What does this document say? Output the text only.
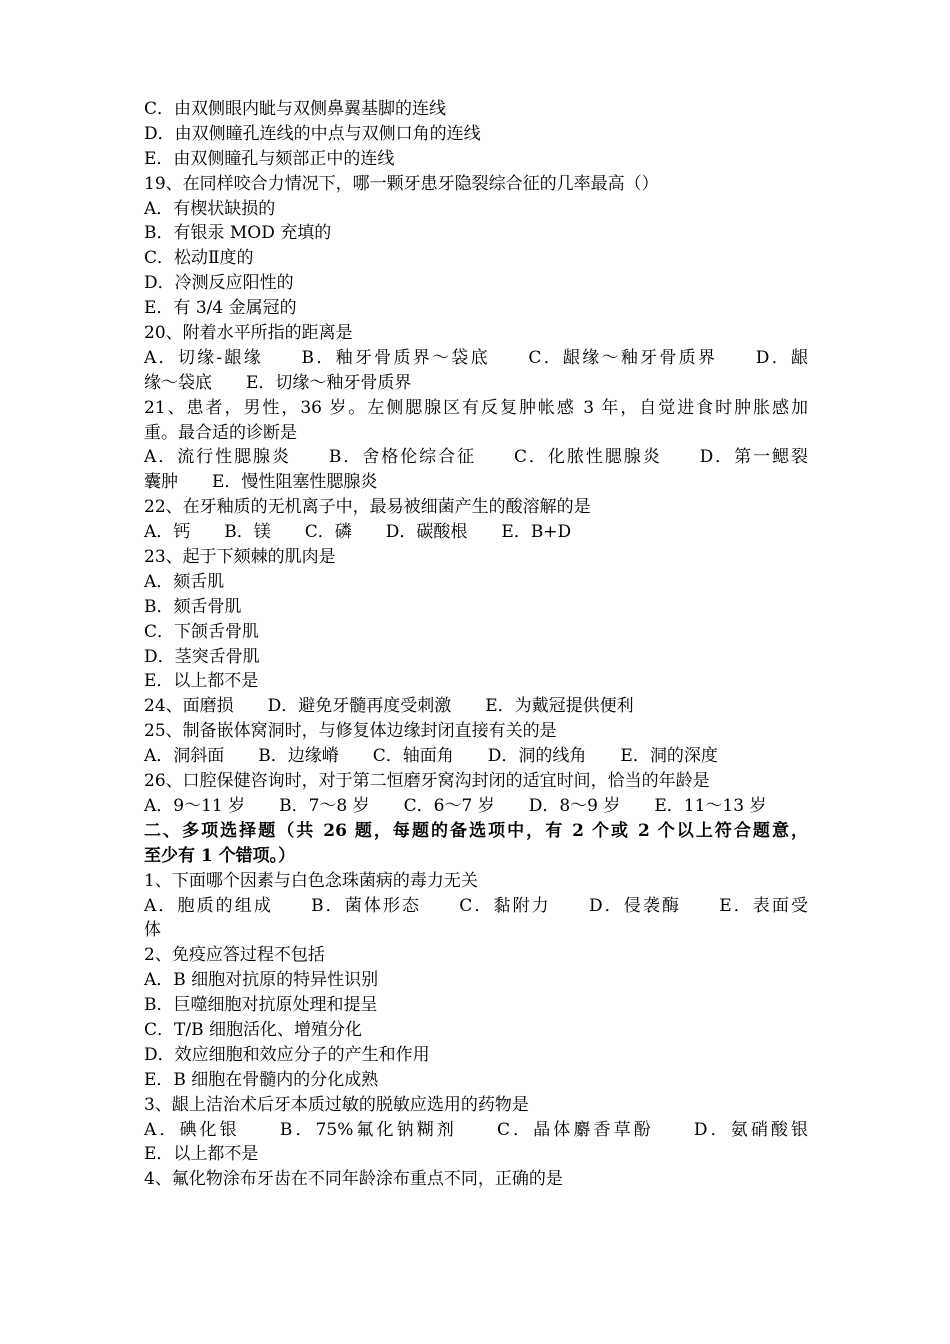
C．由双侧眼内眦与双侧鼻翼基脚的连线
D．由双侧瞳孔连线的中点与双侧口角的连线
E．由双侧瞳孔与颏部正中的连线
19、在同样咬合力情况下，哪一颗牙患牙隐裂综合征的几率最高（）
A．有楔状缺损的
B．有银汞 MOD 充填的
C．松动Ⅱ度的
D．冷测反应阳性的
E．有 3/4 金属冠的
20、附着水平所指的距离是
A．切缘-龈缘　　B．釉牙骨质界～袋底　　C．龈缘～釉牙骨质界　　D．龈
缘～袋底　　E．切缘～釉牙骨质界
21、患者，男性，36 岁。左侧腮腺区有反复肿帐感 3 年，自觉进食时肿胀感加
重。最合适的诊断是
A．流行性腮腺炎　　B．舍格伦综合征　　C．化脓性腮腺炎　　D．第一鳃裂
囊肿　　E．慢性阻塞性腮腺炎
22、在牙釉质的无机离子中，最易被细菌产生的酸溶解的是
A．钙　　B．镁　　C．磷　　D．碳酸根　　E．B+D
23、起于下颏棘的肌肉是
A．颏舌肌
B．颏舌骨肌
C．下颌舌骨肌
D．茎突舌骨肌
E．以上都不是
24、面磨损　　D．避免牙髓再度受刺激　　E．为戴冠提供便利
25、制备嵌体窝洞时，与修复体边缘封闭直接有关的是
A．洞斜面　　B．边缘嵴　　C．轴面角　　D．洞的线角　　E．洞的深度
26、口腔保健咨询时，对于第二恒磨牙窝沟封闭的适宜时间，恰当的年龄是
A．9～11 岁　　B．7～8 岁　　C．6～7 岁　　D．8～9 岁　　E．11～13 岁
二、多项选择题（共 26 题，每题的备选项中，有 2 个或 2 个以上符合题意，
至少有 1 个错项。）
1、下面哪个因素与白色念珠菌病的毒力无关
A．胞质的组成　　B．菌体形态　　C．黏附力　　D．侵袭酶　　E．表面受
体
2、免疫应答过程不包括
A．B 细胞对抗原的特异性识别
B．巨噬细胞对抗原处理和提呈
C．T/B 细胞活化、增殖分化
D．效应细胞和效应分子的产生和作用
E．B 细胞在骨髓内的分化成熟
3、龈上洁治术后牙本质过敏的脱敏应选用的药物是
A．碘化银　　B．75%氟化钠糊剂　　C．晶体麝香草酚　　D．氨硝酸银
E．以上都不是
4、氟化物涂布牙齿在不同年龄涂布重点不同，正确的是
